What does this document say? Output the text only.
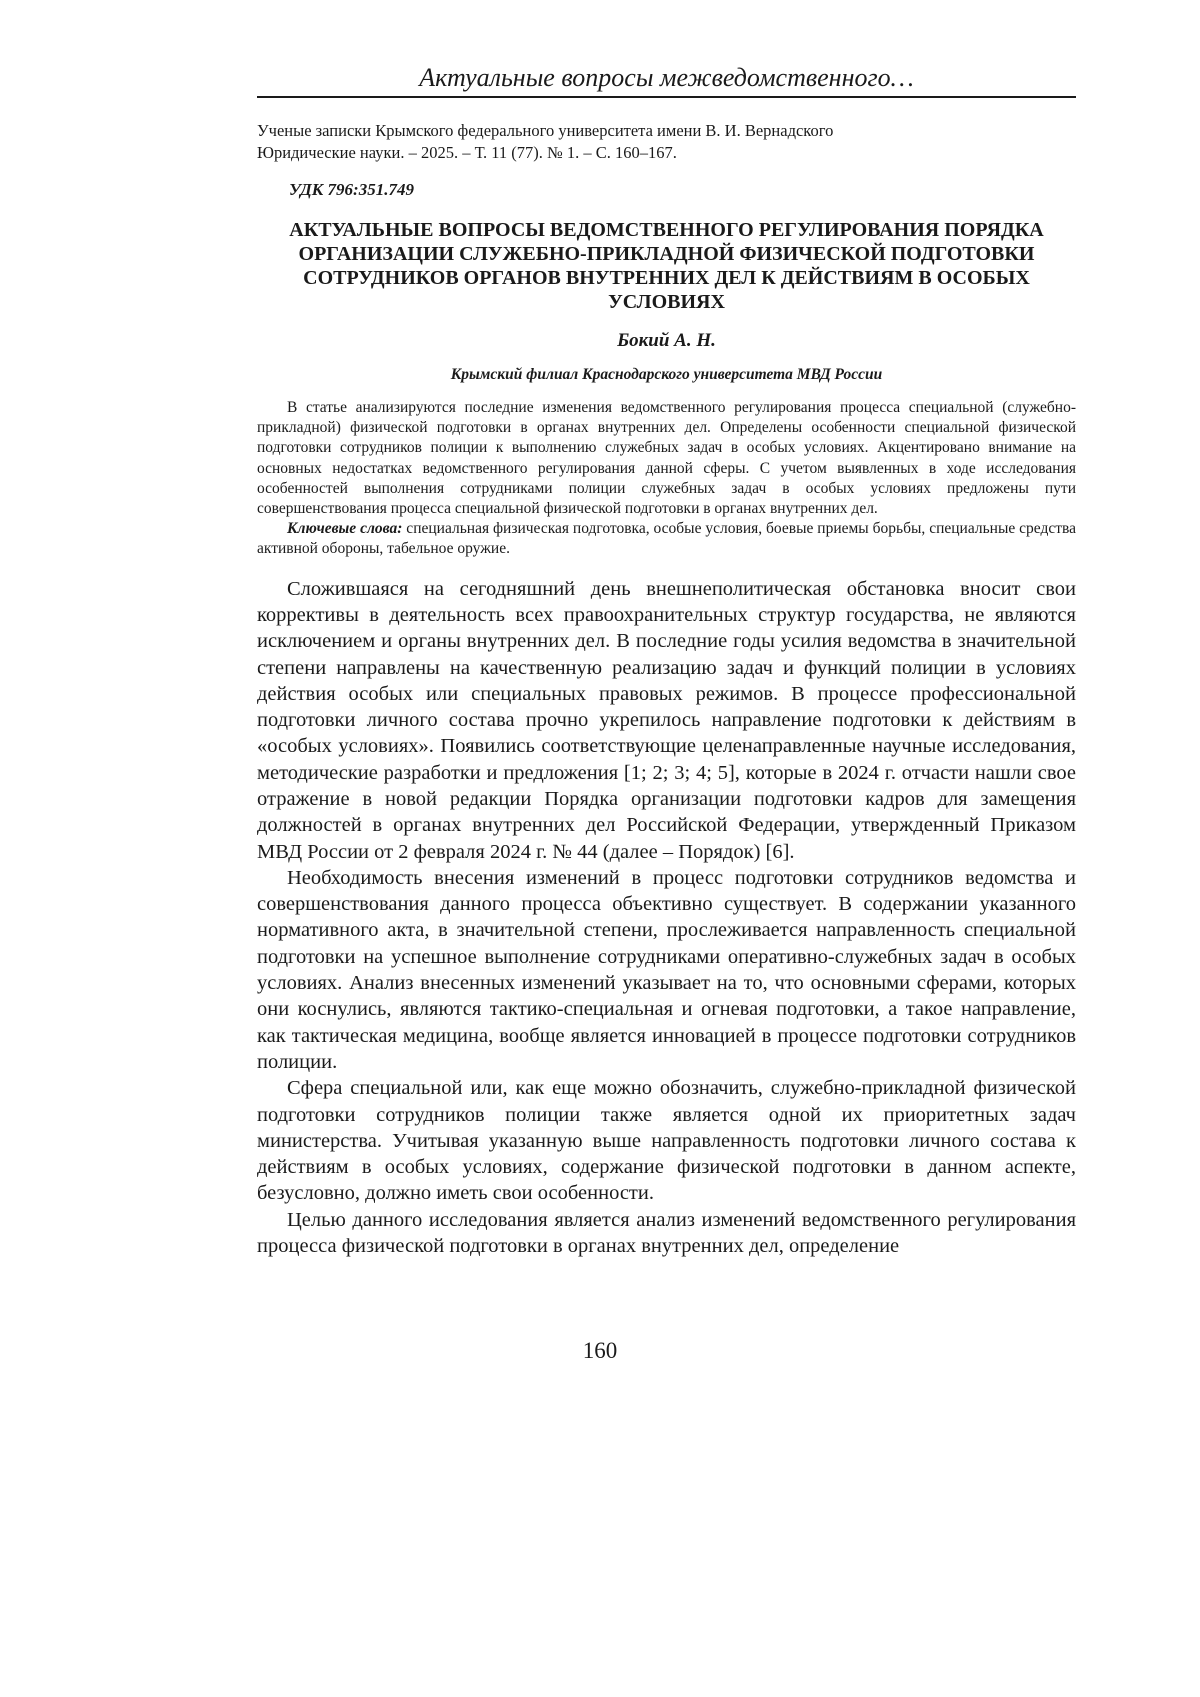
Актуальные вопросы межведомственного…
Ученые записки Крымского федерального университета имени В. И. Вернадского
Юридические науки. – 2025. – Т. 11 (77). № 1. – С. 160–167.
УДК 796:351.749
АКТУАЛЬНЫЕ ВОПРОСЫ ВЕДОМСТВЕННОГО РЕГУЛИРОВАНИЯ ПОРЯДКА ОРГАНИЗАЦИИ СЛУЖЕБНО-ПРИКЛАДНОЙ ФИЗИЧЕСКОЙ ПОДГОТОВКИ СОТРУДНИКОВ ОРГАНОВ ВНУТРЕННИХ ДЕЛ К ДЕЙСТВИЯМ В ОСОБЫХ УСЛОВИЯХ
Бокий А. Н.
Крымский филиал Краснодарского университета МВД России
В статье анализируются последние изменения ведомственного регулирования процесса специальной (служебно-прикладной) физической подготовки в органах внутренних дел. Определены особенности специальной физической подготовки сотрудников полиции к выполнению служебных задач в особых условиях. Акцентировано внимание на основных недостатках ведомственного регулирования данной сферы. С учетом выявленных в ходе исследования особенностей выполнения сотрудниками полиции служебных задач в особых условиях предложены пути совершенствования процесса специальной физической подготовки в органах внутренних дел.
Ключевые слова: специальная физическая подготовка, особые условия, боевые приемы борьбы, специальные средства активной обороны, табельное оружие.

Сложившаяся на сегодняшний день внешнеполитическая обстановка вносит свои коррективы в деятельность всех правоохранительных структур государства, не являются исключением и органы внутренних дел. В последние годы усилия ведомства в значительной степени направлены на качественную реализацию задач и функций полиции в условиях действия особых или специальных правовых режимов. В процессе профессиональной подготовки личного состава прочно укрепилось направление подготовки к действиям в «особых условиях». Появились соответствующие целенаправленные научные исследования, методические разработки и предложения [1; 2; 3; 4; 5], которые в 2024 г. отчасти нашли свое отражение в новой редакции Порядка организации подготовки кадров для замещения должностей в органах внутренних дел Российской Федерации, утвержденный Приказом МВД России от 2 февраля 2024 г. № 44 (далее – Порядок) [6].

Необходимость внесения изменений в процесс подготовки сотрудников ведомства и совершенствования данного процесса объективно существует. В содержании указанного нормативного акта, в значительной степени, прослеживается направленность специальной подготовки на успешное выполнение сотрудниками оперативно-служебных задач в особых условиях. Анализ внесенных изменений указывает на то, что основными сферами, которых они коснулись, являются тактико-специальная и огневая подготовки, а такое направление, как тактическая медицина, вообще является инновацией в процессе подготовки сотрудников полиции.

Сфера специальной или, как еще можно обозначить, служебно-прикладной физической подготовки сотрудников полиции также является одной их приоритетных задач министерства. Учитывая указанную выше направленность подготовки личного состава к действиям в особых условиях, содержание физической подготовки в данном аспекте, безусловно, должно иметь свои особенности.

Целью данного исследования является анализ изменений ведомственного регулирования процесса физической подготовки в органах внутренних дел, определение

160
